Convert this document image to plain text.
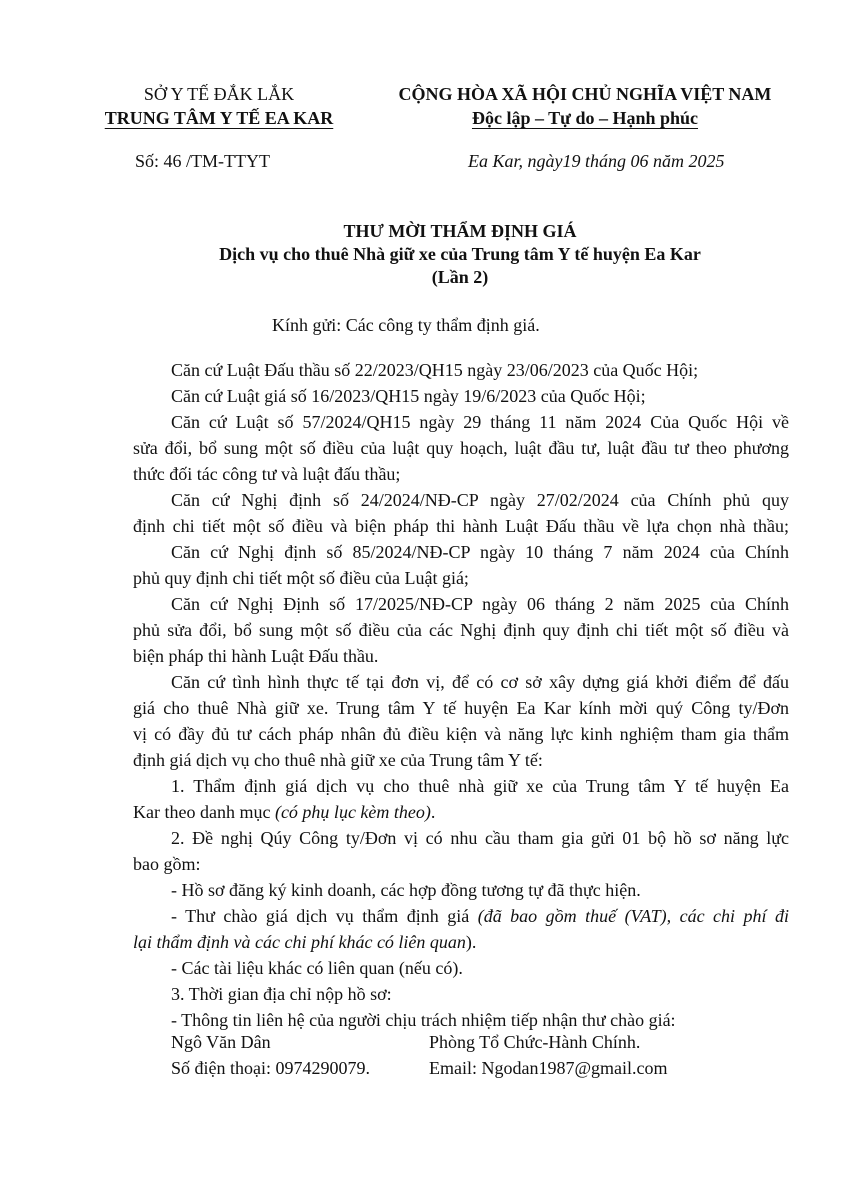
SỞ Y TẾ ĐẮK LẮK
TRUNG TÂM Y TẾ EA KAR
CỘNG HÒA XÃ HỘI CHỦ NGHĨA VIỆT NAM
Độc lập – Tự do – Hạnh phúc
Số: 46 /TM-TTYT	Ea Kar, ngày19 tháng 06 năm 2025
THƯ MỜI THẨM ĐỊNH GIÁ
Dịch vụ cho thuê Nhà giữ xe của Trung tâm Y tế huyện Ea Kar
(Lần 2)
Kính gửi: Các công ty thẩm định giá.
Căn cứ Luật Đấu thầu số 22/2023/QH15 ngày 23/06/2023 của Quốc Hội;
Căn cứ Luật giá số 16/2023/QH15 ngày 19/6/2023 của Quốc Hội;
Căn cứ Luật số 57/2024/QH15 ngày 29 tháng 11 năm 2024 Của Quốc Hội về
sửa đổi, bổ sung một số điều của luật quy hoạch, luật đầu tư, luật đầu tư theo phương
thức đối tác công tư và luật đấu thầu;
Căn cứ Nghị định số 24/2024/NĐ-CP ngày 27/02/2024 của Chính phủ quy
định chi tiết một số điều và biện pháp thi hành Luật Đấu thầu về lựa chọn nhà thầu;
Căn cứ Nghị định số 85/2024/NĐ-CP ngày 10 tháng 7 năm 2024 của Chính
phủ quy định chi tiết một số điều của Luật giá;
Căn cứ Nghị Định số 17/2025/NĐ-CP ngày 06 tháng 2 năm 2025 của Chính
phủ sửa đổi, bổ sung một số điều của các Nghị định quy định chi tiết một số điều và
biện pháp thi hành Luật Đấu thầu.
Căn cứ tình hình thực tế tại đơn vị, để có cơ sở xây dựng giá khởi điểm để đấu
giá cho thuê Nhà giữ xe. Trung tâm Y tế huyện Ea Kar kính mời quý Công ty/Đơn
vị có đầy đủ tư cách pháp nhân đủ điều kiện và năng lực kinh nghiệm tham gia thẩm
định giá dịch vụ cho thuê nhà giữ xe của Trung tâm Y tế:
1. Thẩm định giá dịch vụ cho thuê nhà giữ xe của Trung tâm Y tế huyện Ea
Kar theo danh mục (có phụ lục kèm theo).
2. Đề nghị Qúy Công ty/Đơn vị có nhu cầu tham gia gửi 01 bộ hồ sơ năng lực
bao gồm:
- Hồ sơ đăng ký kinh doanh, các hợp đồng tương tự đã thực hiện.
- Thư chào giá dịch vụ thẩm định giá (đã bao gồm thuế (VAT), các chi phí đi
lại thẩm định và các chi phí khác có liên quan).
- Các tài liệu khác có liên quan (nếu có).
3. Thời gian địa chỉ nộp hồ sơ:
- Thông tin liên hệ của người chịu trách nhiệm tiếp nhận thư chào giá:
Ngô Văn Dân	Phòng Tổ Chức-Hành Chính.
Số điện thoại: 0974290079.	Email: Ngodan1987@gmail.com
